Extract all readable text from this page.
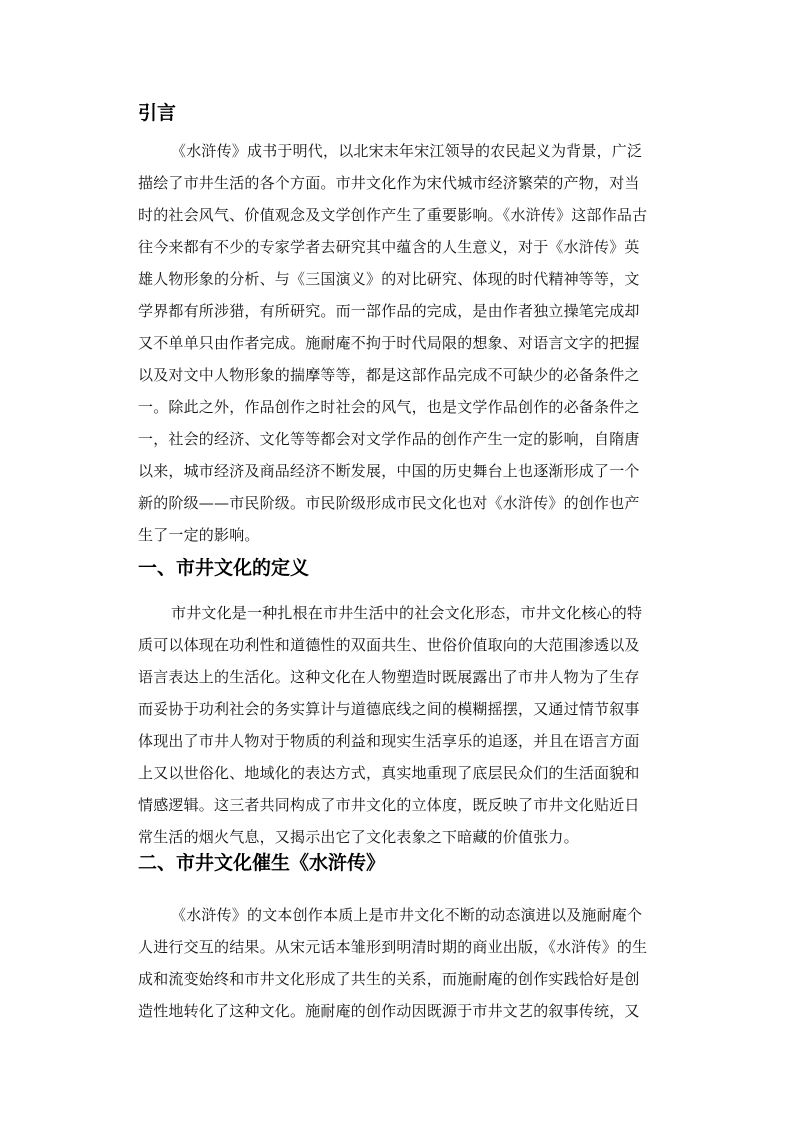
引言
《水浒传》成书于明代，以北宋末年宋江领导的农民起义为背景，广泛
描绘了市井生活的各个方面。市井文化作为宋代城市经济繁荣的产物，对当
时的社会风气、价值观念及文学创作产生了重要影响。《水浒传》这部作品古
往今来都有不少的专家学者去研究其中蕴含的人生意义，对于《水浒传》英
雄人物形象的分析、与《三国演义》的对比研究、体现的时代精神等等，文
学界都有所涉猎，有所研究。而一部作品的完成，是由作者独立操笔完成却
又不单单只由作者完成。施耐庵不拘于时代局限的想象、对语言文字的把握
以及对文中人物形象的揣摩等等，都是这部作品完成不可缺少的必备条件之
一。除此之外，作品创作之时社会的风气，也是文学作品创作的必备条件之
一，社会的经济、文化等等都会对文学作品的创作产生一定的影响，自隋唐
以来，城市经济及商品经济不断发展，中国的历史舞台上也逐渐形成了一个
新的阶级——市民阶级。市民阶级形成市民文化也对《水浒传》的创作也产
生了一定的影响。
一、市井文化的定义
市井文化是一种扎根在市井生活中的社会文化形态，市井文化核心的特
质可以体现在功利性和道德性的双面共生、世俗价值取向的大范围渗透以及
语言表达上的生活化。这种文化在人物塑造时既展露出了市井人物为了生存
而妥协于功利社会的务实算计与道德底线之间的模糊摇摆，又通过情节叙事
体现出了市井人物对于物质的利益和现实生活享乐的追逐，并且在语言方面
上又以世俗化、地域化的表达方式，真实地重现了底层民众们的生活面貌和
情感逻辑。这三者共同构成了市井文化的立体度，既反映了市井文化贴近日
常生活的烟火气息，又揭示出它了文化表象之下暗藏的价值张力。
二、市井文化催生《水浒传》
《水浒传》的文本创作本质上是市井文化不断的动态演进以及施耐庵个
人进行交互的结果。从宋元话本雏形到明清时期的商业出版，《水浒传》的生
成和流变始终和市井文化形成了共生的关系，而施耐庵的创作实践恰好是创
造性地转化了这种文化。施耐庵的创作动因既源于市井文艺的叙事传统，又
